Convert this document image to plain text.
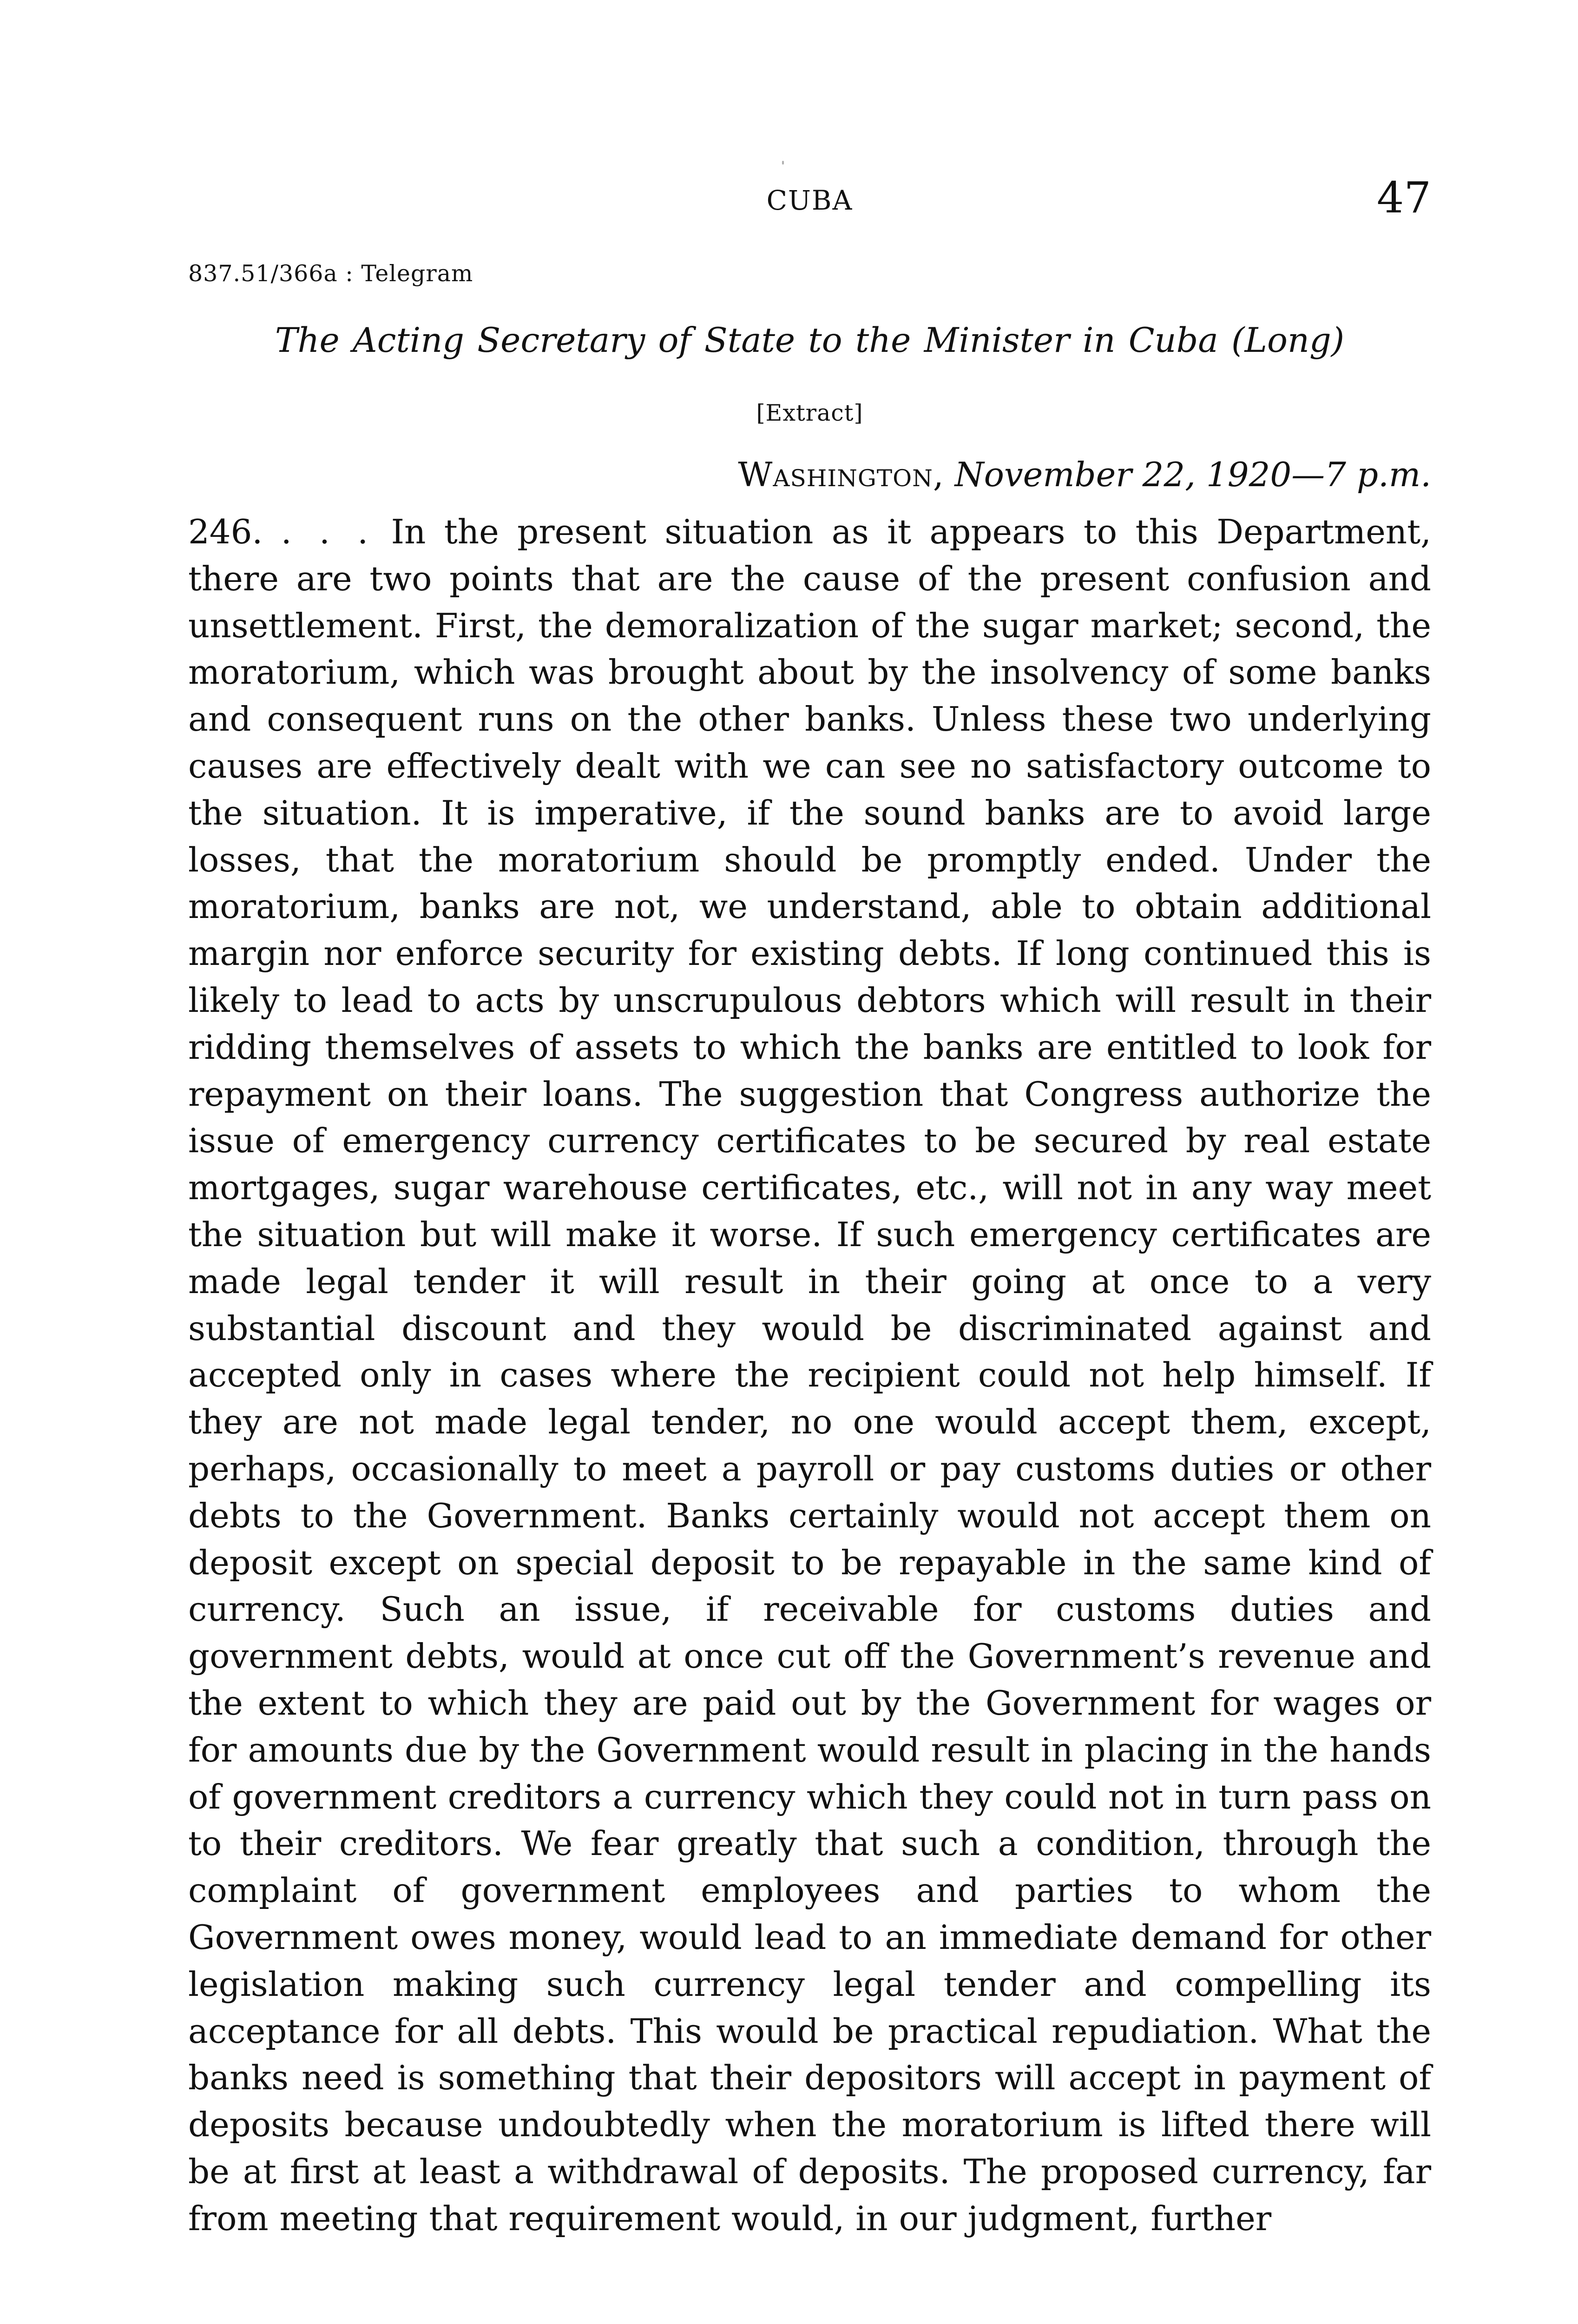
CUBA	47
837.51/366a : Telegram
The Acting Secretary of State to the Minister in Cuba (Long)
[Extract]
Washington, November 22, 1920—7 p.m.
246. . . . In the present situation as it appears to this Department, there are two points that are the cause of the present confusion and unsettlement. First, the demoralization of the sugar market; second, the moratorium, which was brought about by the insolvency of some banks and consequent runs on the other banks. Unless these two underlying causes are effectively dealt with we can see no satisfactory outcome to the situation. It is imperative, if the sound banks are to avoid large losses, that the moratorium should be promptly ended. Under the moratorium, banks are not, we understand, able to obtain additional margin nor enforce security for existing debts. If long continued this is likely to lead to acts by unscrupulous debtors which will result in their ridding themselves of assets to which the banks are entitled to look for repayment on their loans. The suggestion that Congress authorize the issue of emergency currency certificates to be secured by real estate mortgages, sugar warehouse certificates, etc., will not in any way meet the situation but will make it worse. If such emergency certificates are made legal tender it will result in their going at once to a very substantial discount and they would be discriminated against and accepted only in cases where the recipient could not help himself. If they are not made legal tender, no one would accept them, except, perhaps, occasionally to meet a payroll or pay customs duties or other debts to the Government. Banks certainly would not accept them on deposit except on special deposit to be repayable in the same kind of currency. Such an issue, if receivable for customs duties and government debts, would at once cut off the Government’s revenue and the extent to which they are paid out by the Government for wages or for amounts due by the Government would result in placing in the hands of government creditors a currency which they could not in turn pass on to their creditors. We fear greatly that such a condition, through the complaint of government employees and parties to whom the Government owes money, would lead to an immediate demand for other legislation making such currency legal tender and compelling its acceptance for all debts. This would be practical repudiation. What the banks need is something that their depositors will accept in payment of deposits because undoubtedly when the moratorium is lifted there will be at first at least a withdrawal of deposits. The proposed currency, far from meeting that requirement would, in our judgment, further
